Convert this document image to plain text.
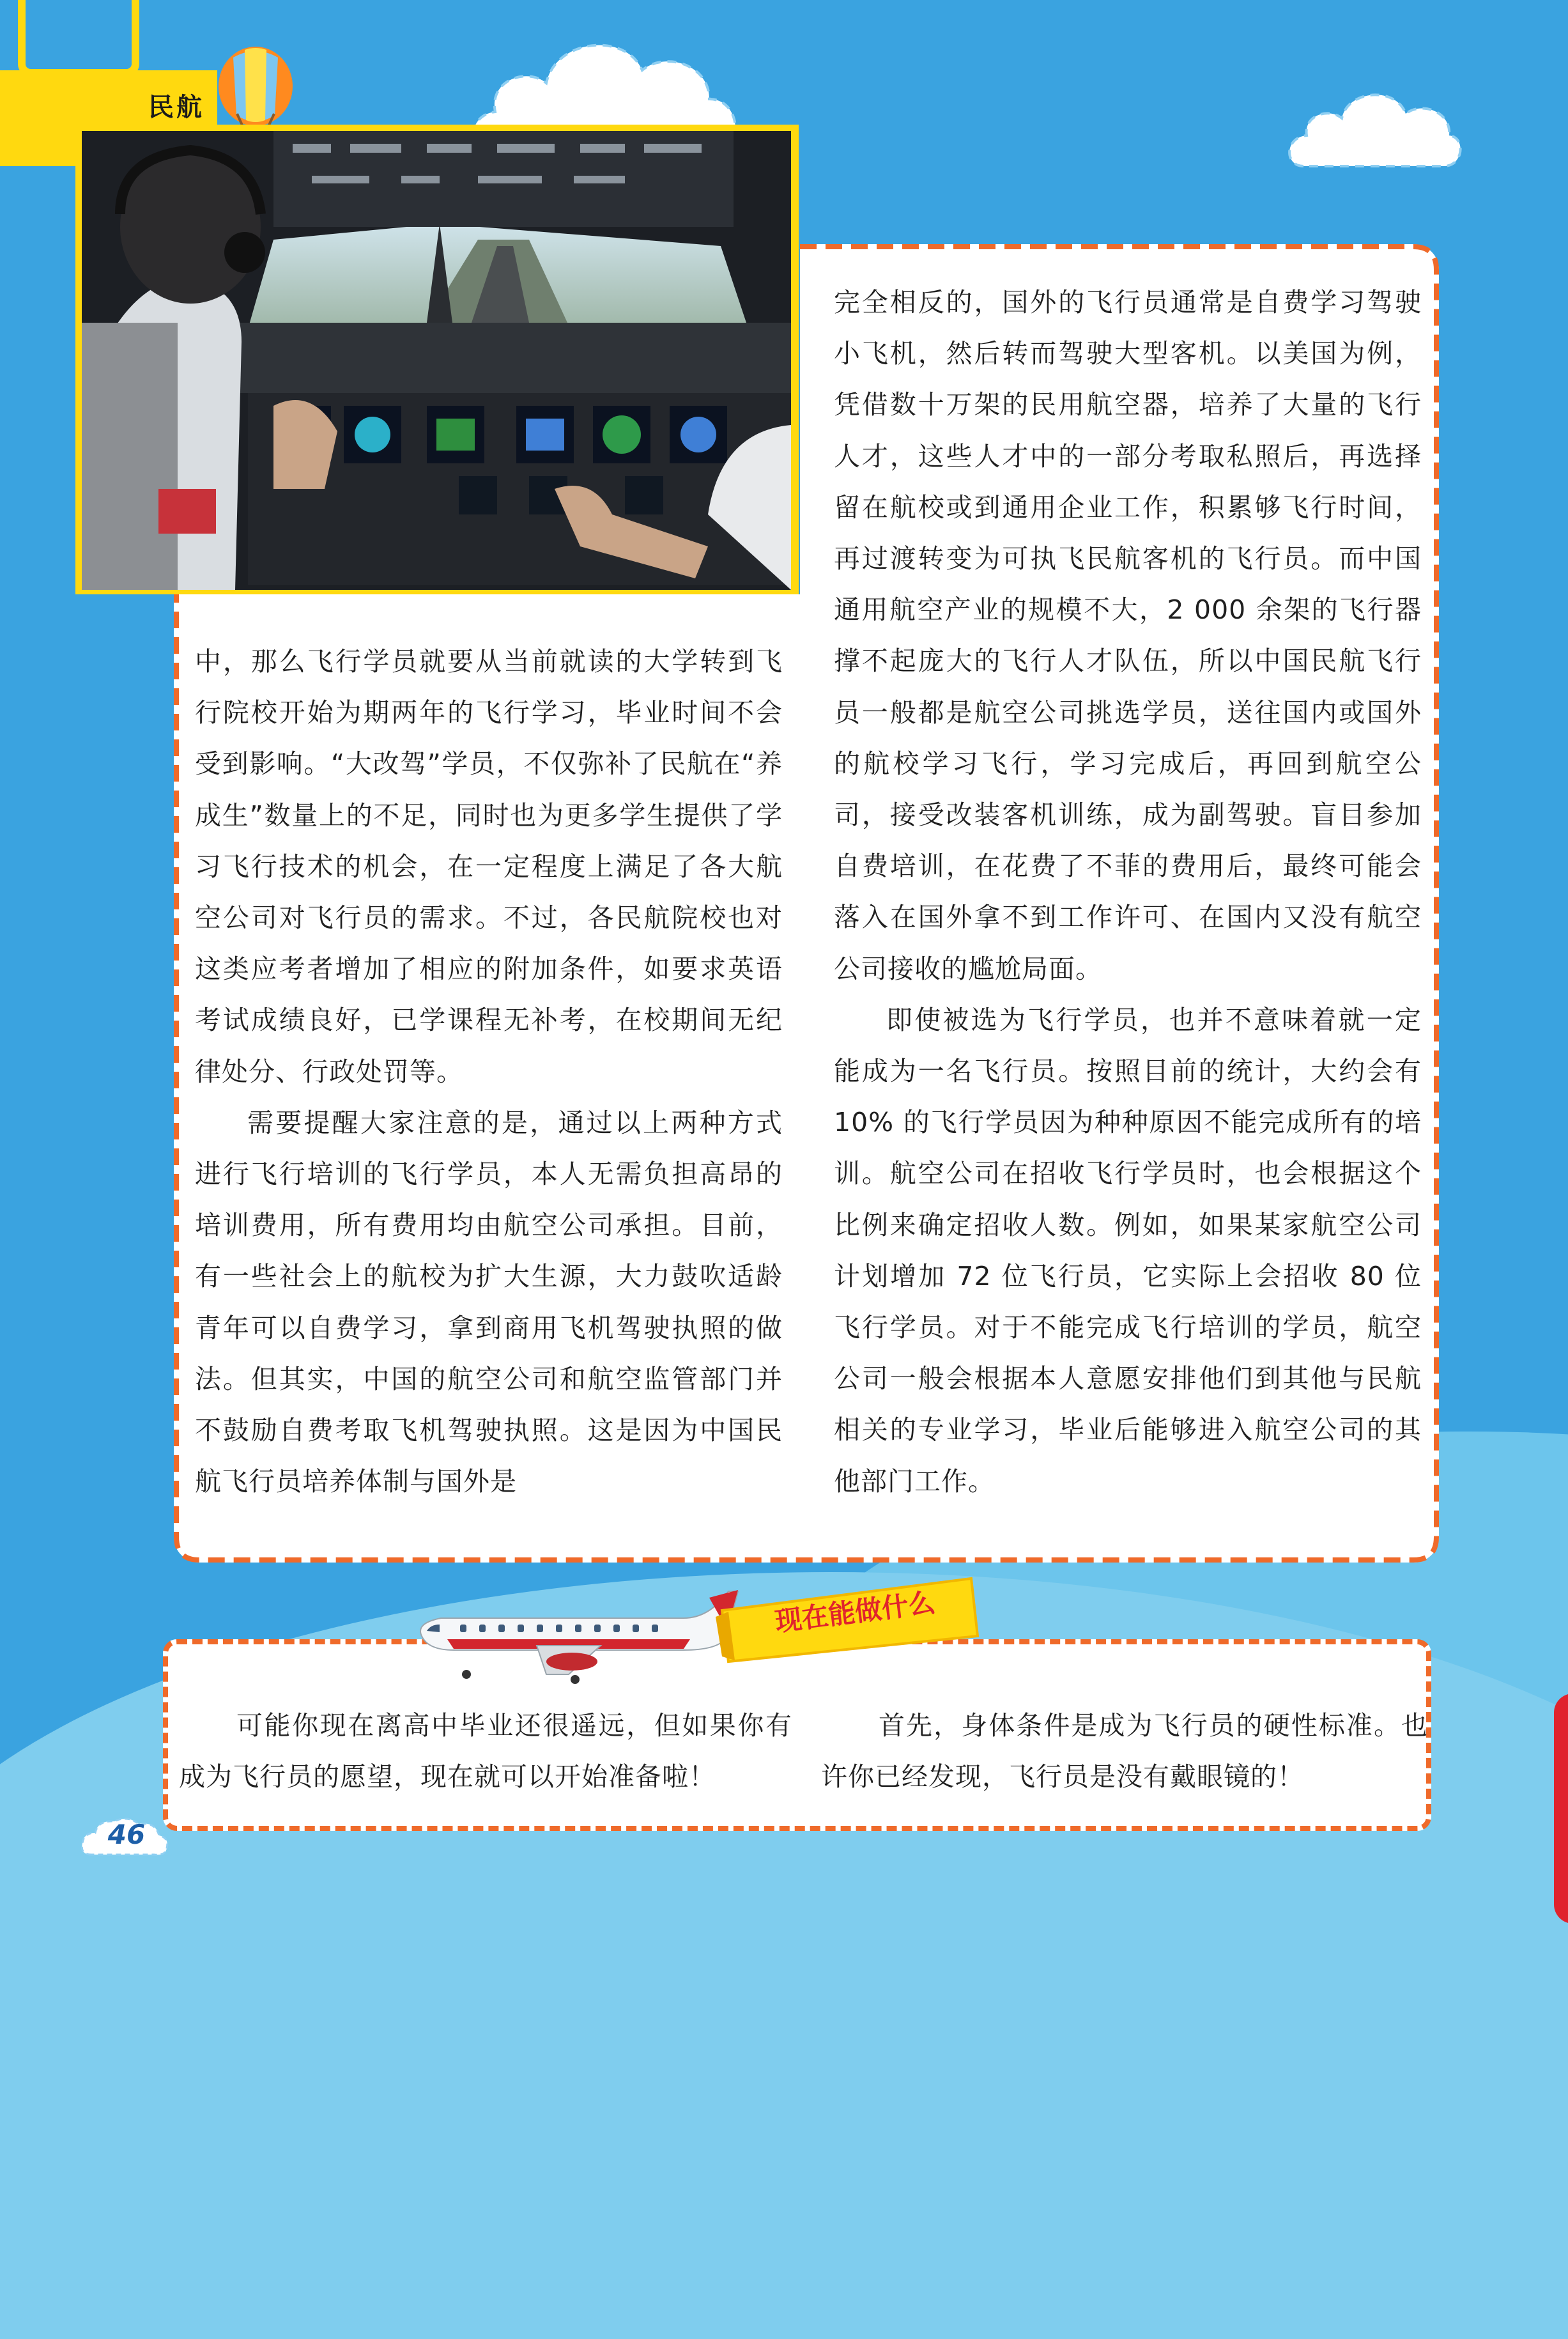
民航

中，那么飞行学员就要从当前就读的大学转到飞行院校开始为期两年的飞行学习，毕业时间不会受到影响。“大改驾”学员，不仅弥补了民航在“养成生”数量上的不足，同时也为更多学生提供了学习飞行技术的机会，在一定程度上满足了各大航空公司对飞行员的需求。不过，各民航院校也对这类应考者增加了相应的附加条件，如要求英语考试成绩良好，已学课程无补考，在校期间无纪律处分、行政处罚等。

需要提醒大家注意的是，通过以上两种方式进行飞行培训的飞行学员，本人无需负担高昂的培训费用，所有费用均由航空公司承担。目前，有一些社会上的航校为扩大生源，大力鼓吹适龄青年可以自费学习，拿到商用飞机驾驶执照的做法。但其实，中国的航空公司和航空监管部门并不鼓励自费考取飞机驾驶执照。这是因为中国民航飞行员培养体制与国外是

完全相反的，国外的飞行员通常是自费学习驾驶小飞机，然后转而驾驶大型客机。以美国为例，凭借数十万架的民用航空器，培养了大量的飞行人才，这些人才中的一部分考取私照后，再选择留在航校或到通用企业工作，积累够飞行时间，再过渡转变为可执飞民航客机的飞行员。而中国通用航空产业的规模不大，2 000 余架的飞行器撑不起庞大的飞行人才队伍，所以中国民航飞行员一般都是航空公司挑选学员，送往国内或国外的航校学习飞行，学习完成后，再回到航空公司，接受改装客机训练，成为副驾驶。盲目参加自费培训，在花费了不菲的费用后，最终可能会落入在国外拿不到工作许可、在国内又没有航空公司接收的尴尬局面。

即使被选为飞行学员，也并不意味着就一定能成为一名飞行员。按照目前的统计，大约会有 10% 的飞行学员因为种种原因不能完成所有的培训。航空公司在招收飞行学员时，也会根据这个比例来确定招收人数。例如，如果某家航空公司计划增加 72 位飞行员，它实际上会招收 80 位飞行学员。对于不能完成飞行培训的学员，航空公司一般会根据本人意愿安排他们到其他与民航相关的专业学习，毕业后能够进入航空公司的其他部门工作。

现在能做什么

可能你现在离高中毕业还很遥远，但如果你有成为飞行员的愿望，现在就可以开始准备啦！

首先，身体条件是成为飞行员的硬性标准。也许你已经发现，飞行员是没有戴眼镜的！

46
